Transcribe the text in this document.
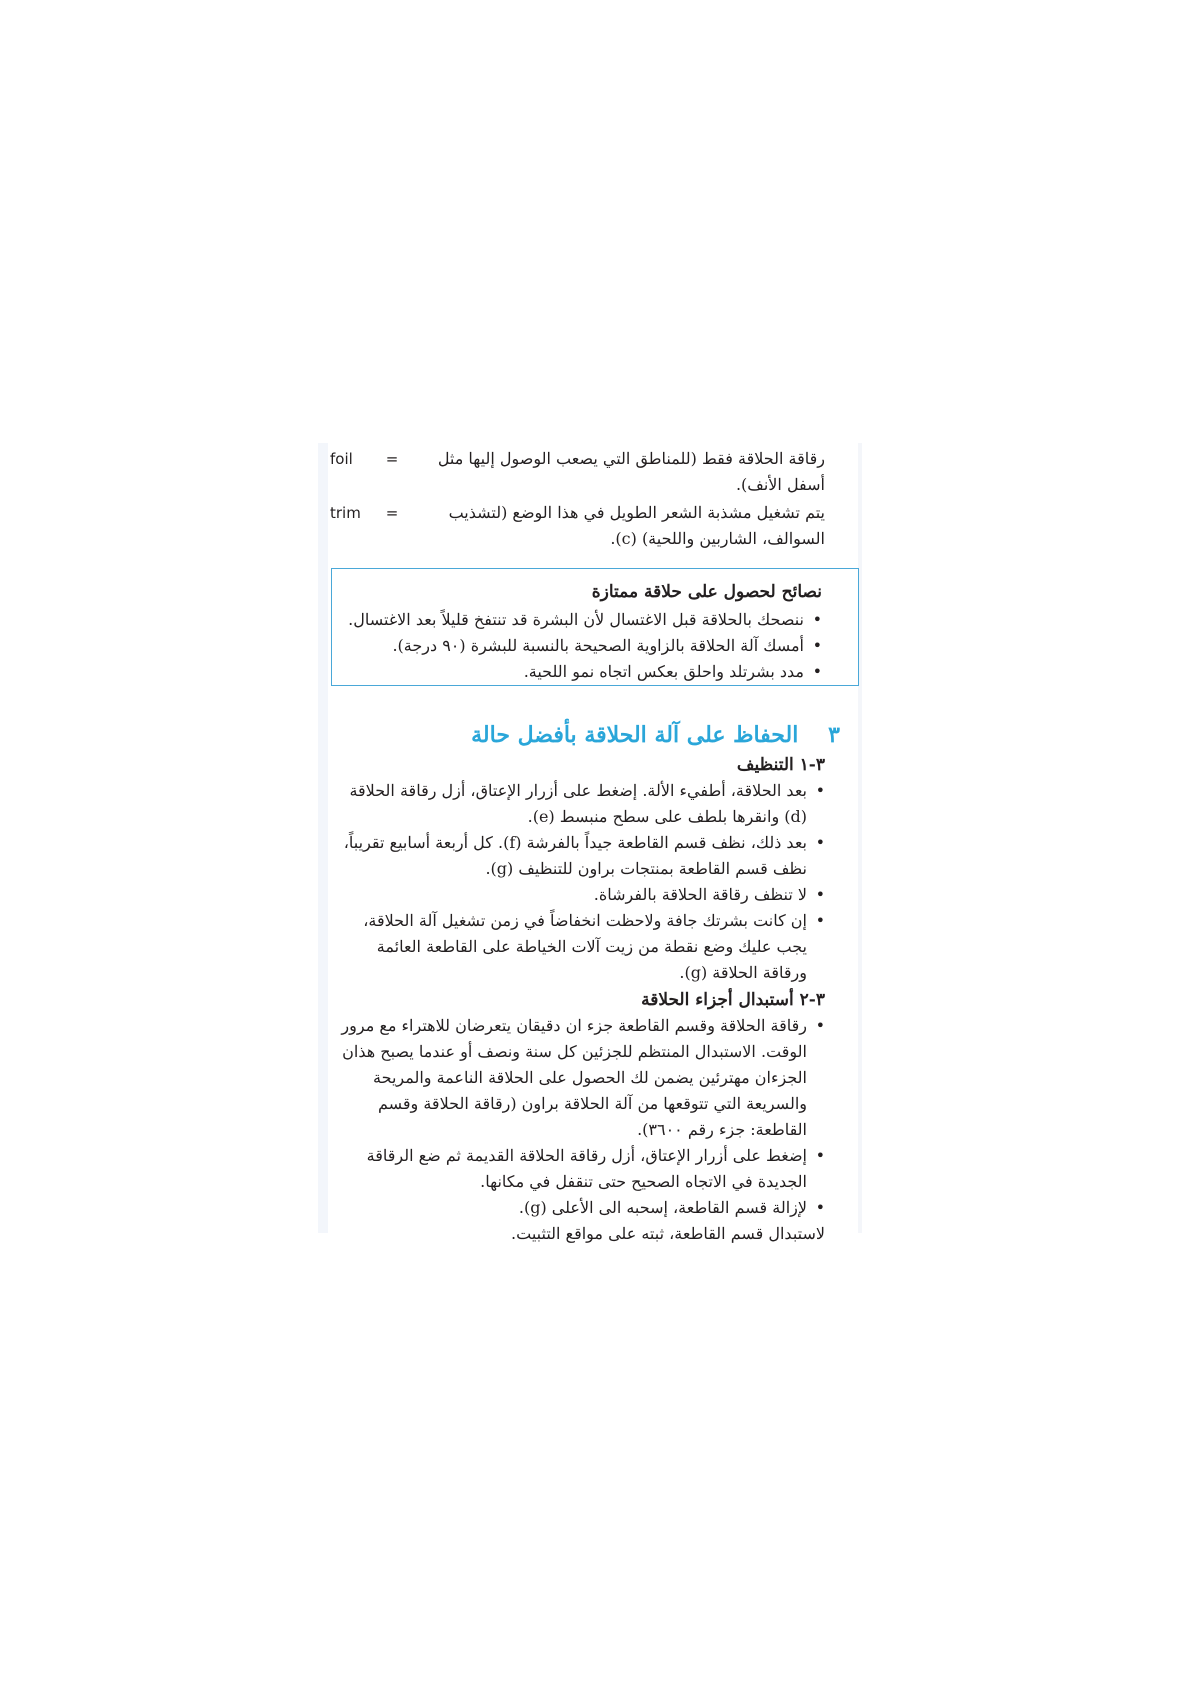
foil	=	رقاقة الحلاقة فقط (للمناطق التي يصعب الوصول إليها مثل أسفل الأنف).
trim	=	يتم تشغيل مشذبة الشعر الطويل في هذا الوضع (لتشذيب السوالف، الشاربين واللحية) (c).
نصائح لحصول على حلاقة ممتازة
• ننصحك بالحلاقة قبل الاغتسال لأن البشرة قد تنتفخ قليلاً بعد الاغتسال.
• أمسك آلة الحلاقة بالزاوية الصحيحة بالنسبة للبشرة (٩٠ درجة).
• مدد بشرتلد واحلق بعكس اتجاه نمو اللحية.
٣ الحفاظ على آلة الحلاقة بأفضل حالة
٣-١ التنظيف
• بعد الحلاقة، أطفيء الألة. إضغط على أزرار الإعتاق، أزل رقاقة الحلاقة (d) وانقرها بلطف على سطح منبسط (e).
• بعد ذلك، نظف قسم القاطعة جيداً بالفرشة (f). كل أربعة أسابيع تقريباً، نظف قسم القاطعة بمنتجات براون للتنظيف (g).
• لا تنظف رقاقة الحلاقة بالفرشاة.
• إن كانت بشرتك جافة ولاحظت انخفاضاً في زمن تشغيل آلة الحلاقة، يجب عليك وضع نقطة من زيت آلات الخياطة على القاطعة العائمة ورقاقة الحلاقة (g).
٣-٢ أستبدال أجزاء الحلاقة
• رقاقة الحلاقة وقسم القاطعة جزء ان دقيقان يتعرضان للاهتراء مع مرور الوقت. الاستبدال المنتظم للجزئين كل سنة ونصف أو عندما يصبح هذان الجزءان مهترئين يضمن لك الحصول على الحلاقة الناعمة والمريحة والسريعة التي تتوقعها من آلة الحلاقة براون (رقاقة الحلاقة وقسم القاطعة: جزء رقم ٣٦٠٠).
• إضغط على أزرار الإعتاق، أزل رقاقة الحلاقة القديمة ثم ضع الرقاقة الجديدة في الاتجاه الصحيح حتى تنقفل في مكانها.
• لإزالة قسم القاطعة، إسحبه الى الأعلى (g).
لاستبدال قسم القاطعة، ثبته على مواقع التثبيت.
